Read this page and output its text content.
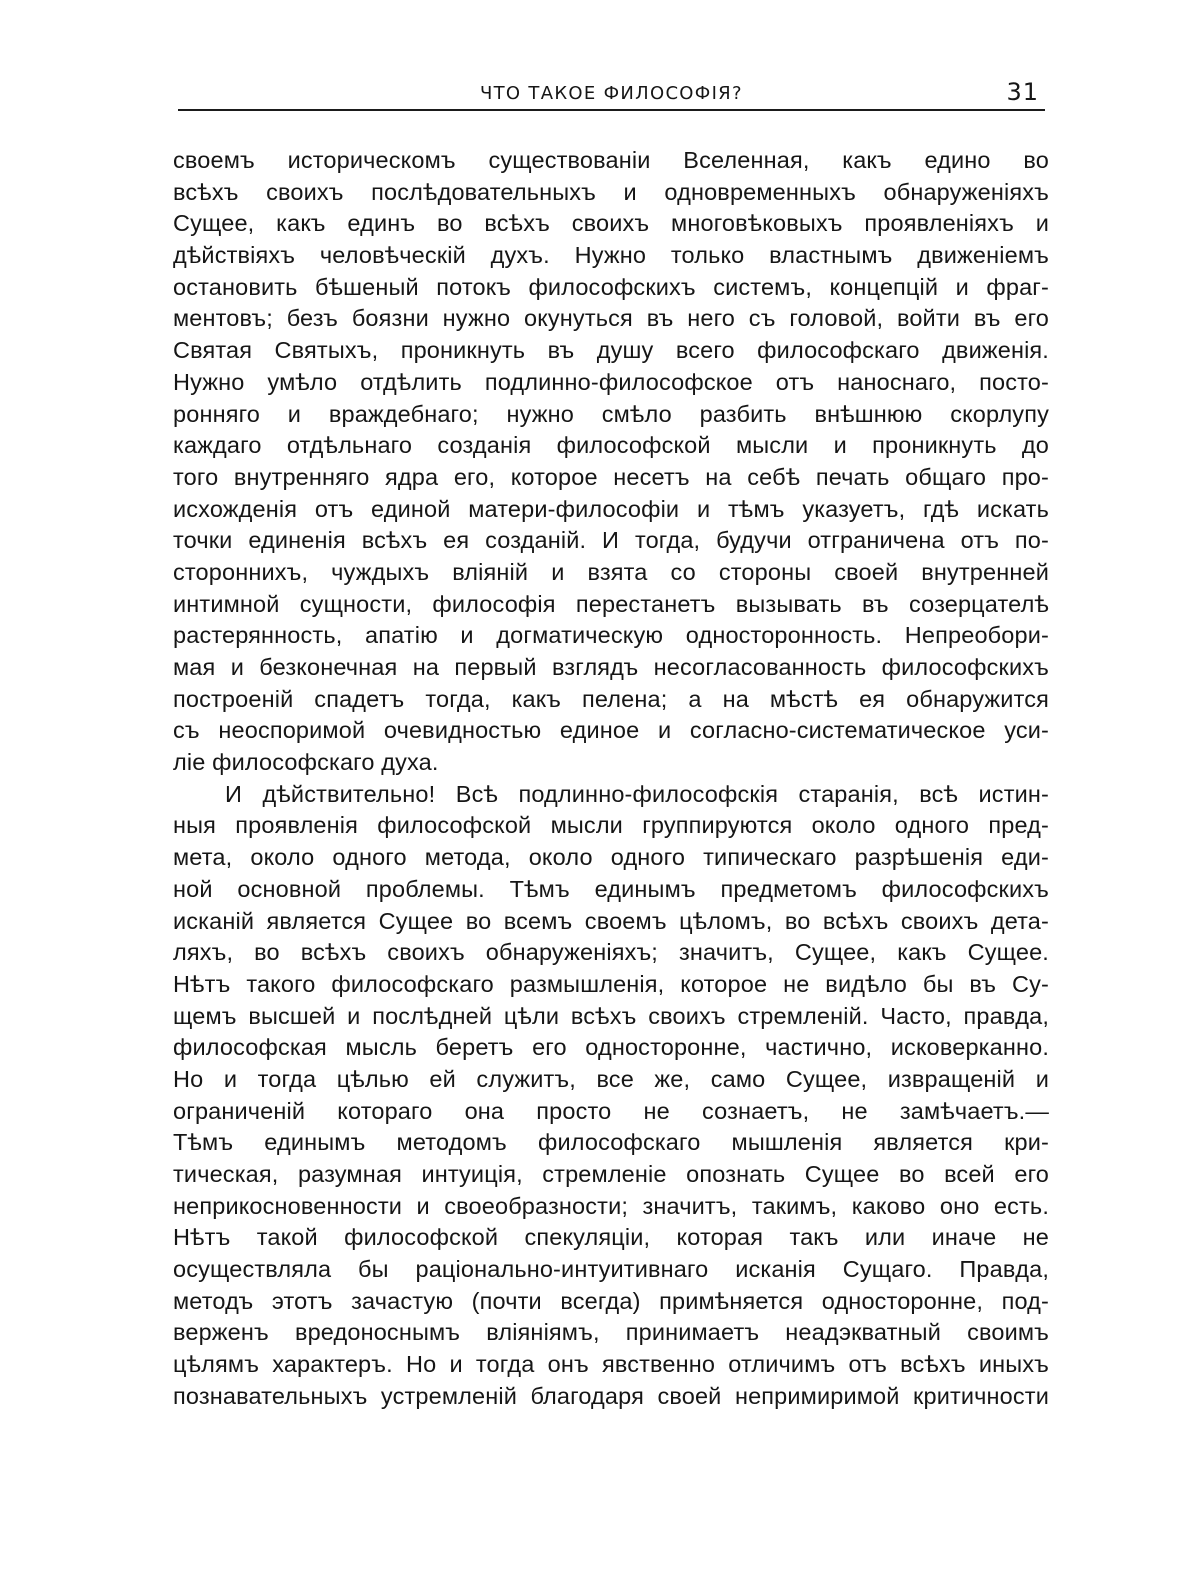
ЧТО ТАКОЕ ФИЛОСОФІЯ?	31
своемъ историческомъ существованіи Вселенная, какъ едино во
всѣхъ своихъ послѣдовательныхъ и одновременныхъ обнаруженіяхъ
Сущее, какъ единъ во всѣхъ своихъ многовѣковыхъ проявленіяхъ и
дѣйствіяхъ человѣческій духъ. Нужно только властнымъ движеніемъ
остановить бѣшеный потокъ философскихъ системъ, концепцій и фраг-
ментовъ; безъ боязни нужно окунуться въ него съ головой, войти въ его
Святая Святыхъ, проникнуть въ душу всего философскаго движенія.
Нужно умѣло отдѣлить подлинно-философское отъ наноснаго, посто-
ронняго и враждебнаго; нужно смѣло разбить внѣшнюю скорлупу
каждаго отдѣльнаго созданія философской мысли и проникнуть до
того внутренняго ядра его, которое несетъ на себѣ печать общаго про-
исхожденія отъ единой матери-философіи и тѣмъ указуетъ, гдѣ искать
точки единенія всѣхъ ея созданій. И тогда, будучи отграничена отъ по-
стороннихъ, чуждыхъ вліяній и взята со стороны своей внутренней
интимной сущности, философія перестанетъ вызывать въ созерцателѣ
растерянность, апатію и догматическую односторонность. Непреобори-
мая и безконечная на первый взглядъ несогласованность философскихъ
построеній спадетъ тогда, какъ пелена; а на мѣстѣ ея обнаружится
съ неоспоримой очевидностью единое и согласно-систематическое уси-
ліе философскаго духа.
И дѣйствительно! Всѣ подлинно-философскія старанія, всѣ истин-
ныя проявленія философской мысли группируются около одного пред-
мета, около одного метода, около одного типическаго разрѣшенія еди-
ной основной проблемы. Тѣмъ единымъ предметомъ философскихъ
исканій является Сущее во всемъ своемъ цѣломъ, во всѣхъ своихъ дета-
ляхъ, во всѣхъ своихъ обнаруженіяхъ; значитъ, Сущее, какъ Сущее.
Нѣтъ такого философскаго размышленія, которое не видѣло бы въ Су-
щемъ высшей и послѣдней цѣли всѣхъ своихъ стремленій. Часто, правда,
философская мысль беретъ его односторонне, частично, исковерканно.
Но и тогда цѣлью ей служитъ, все же, само Сущее, извращеній и
ограниченій котораго она просто не сознаетъ, не замѣчаетъ.—
Тѣмъ единымъ методомъ философскаго мышленія является кри-
тическая, разумная интуиція, стремленіе опознать Сущее во всей его
неприкосновенности и своеобразности; значитъ, такимъ, каково оно есть.
Нѣтъ такой философской спекуляціи, которая такъ или иначе не
осуществляла бы раціонально-интуитивнаго исканія Сущаго. Правда,
методъ этотъ зачастую (почти всегда) примѣняется односторонне, под-
верженъ вредоноснымъ вліяніямъ, принимаетъ неадэкватный своимъ
цѣлямъ характеръ. Но и тогда онъ явственно отличимъ отъ всѣхъ иныхъ
познавательныхъ устремленій благодаря своей непримиримой критичности
